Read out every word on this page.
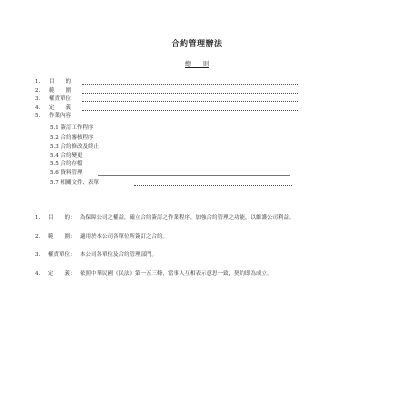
合約管理辦法
總　　則
1. 目　　的
2. 範　　圍
3. 權責單位
4. 定　　義
5. 作業內容
5.1 簽訂工作程序
5.2 合約審核程序
5.3 合約修改及終止
5.4 合約變更
5.5 合約存檔
5.6 資料管理
5.7 相關文件、表單
1. 目　　的： 為保障公司之權益，確立合約簽訂之作業程序，加強合約管理之功能，以維護公司利益。
2. 範　　圍： 適用於本公司各單位所簽訂之合約。
3. 權責單位： 本公司各單位及合約管理部門。
4. 定　　義： 依照中華民國《民法》第一五三條，當事人互相表示意思一致，契約即為成立。
